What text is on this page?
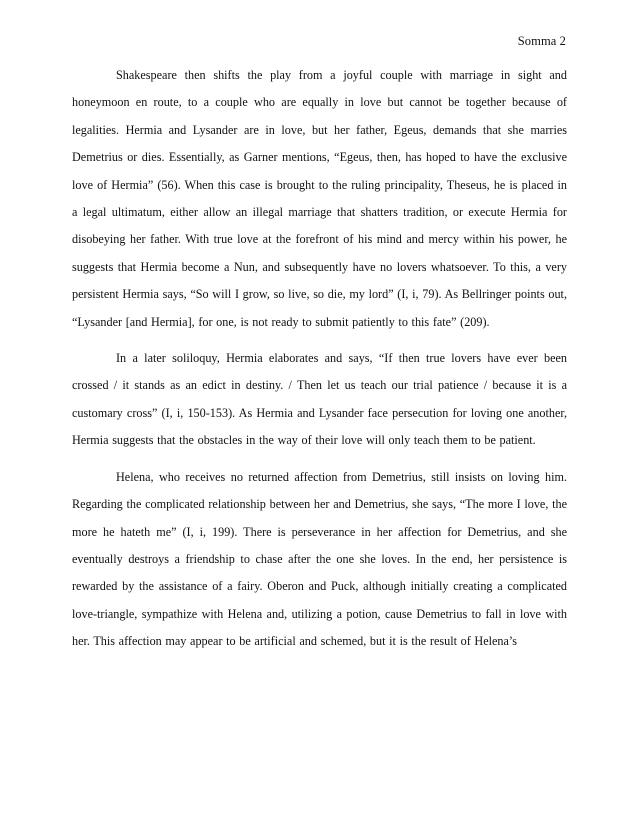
Somma 2

Shakespeare then shifts the play from a joyful couple with marriage in sight and honeymoon en route, to a couple who are equally in love but cannot be together because of legalities. Hermia and Lysander are in love, but her father, Egeus, demands that she marries Demetrius or dies. Essentially, as Garner mentions, “Egeus, then, has hoped to have the exclusive love of Hermia” (56). When this case is brought to the ruling principality, Theseus, he is placed in a legal ultimatum, either allow an illegal marriage that shatters tradition, or execute Hermia for disobeying her father. With true love at the forefront of his mind and mercy within his power, he suggests that Hermia become a Nun, and subsequently have no lovers whatsoever. To this, a very persistent Hermia says, “So will I grow, so live, so die, my lord” (I, i, 79). As Bellringer points out, “Lysander [and Hermia], for one, is not ready to submit patiently to this fate” (209).

In a later soliloquy, Hermia elaborates and says, “If then true lovers have ever been crossed / it stands as an edict in destiny. / Then let us teach our trial patience / because it is a customary cross” (I, i, 150-153). As Hermia and Lysander face persecution for loving one another, Hermia suggests that the obstacles in the way of their love will only teach them to be patient.

Helena, who receives no returned affection from Demetrius, still insists on loving him. Regarding the complicated relationship between her and Demetrius, she says, “The more I love, the more he hateth me” (I, i, 199). There is perseverance in her affection for Demetrius, and she eventually destroys a friendship to chase after the one she loves. In the end, her persistence is rewarded by the assistance of a fairy. Oberon and Puck, although initially creating a complicated love-triangle, sympathize with Helena and, utilizing a potion, cause Demetrius to fall in love with her. This affection may appear to be artificial and schemed, but it is the result of Helena’s
